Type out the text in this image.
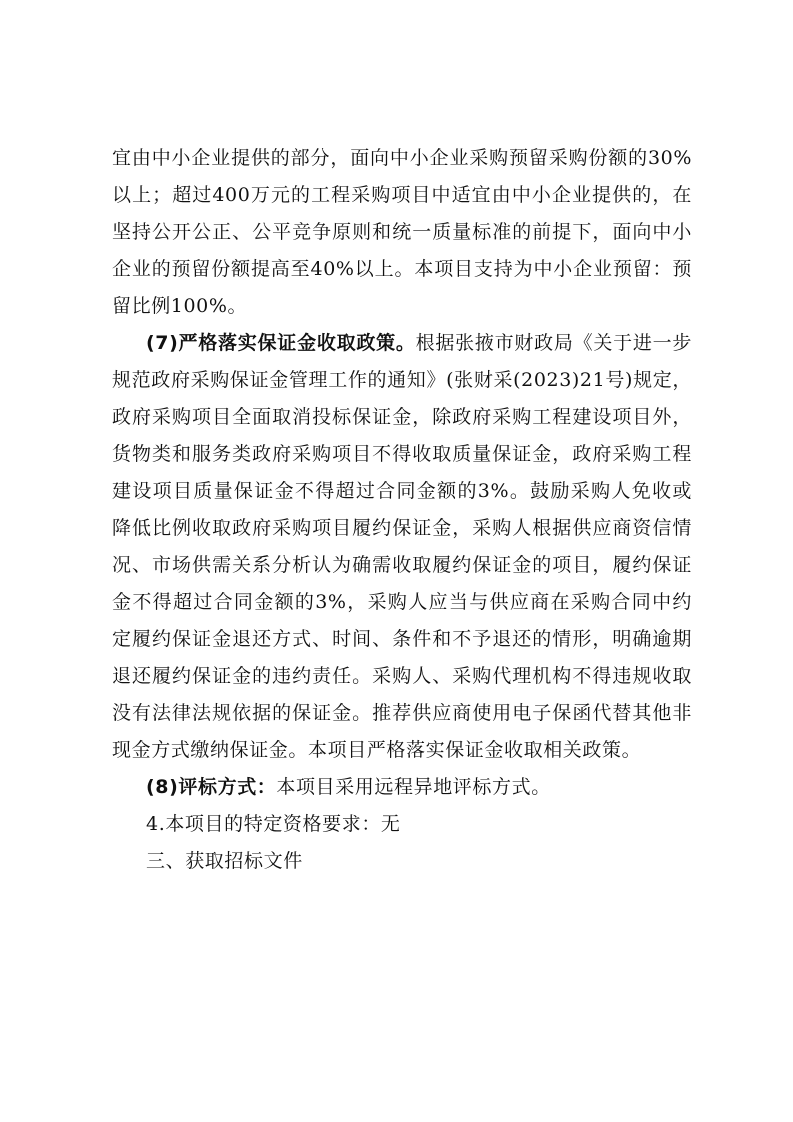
宜由中小企业提供的部分，面向中小企业采购预留采购份额的30%以上；超过400万元的工程采购项目中适宜由中小企业提供的，在坚持公开公正、公平竞争原则和统一质量标准的前提下，面向中小企业的预留份额提高至40%以上。本项目支持为中小企业预留：预留比例100%。

(7)严格落实保证金收取政策。根据张掖市财政局《关于进一步规范政府采购保证金管理工作的通知》(张财采(2023)21号)规定，政府采购项目全面取消投标保证金，除政府采购工程建设项目外，货物类和服务类政府采购项目不得收取质量保证金，政府采购工程建设项目质量保证金不得超过合同金额的3%。鼓励采购人免收或降低比例收取政府采购项目履约保证金，采购人根据供应商资信情况、市场供需关系分析认为确需收取履约保证金的项目，履约保证金不得超过合同金额的3%，采购人应当与供应商在采购合同中约定履约保证金退还方式、时间、条件和不予退还的情形，明确逾期退还履约保证金的违约责任。采购人、采购代理机构不得违规收取没有法律法规依据的保证金。推荐供应商使用电子保函代替其他非现金方式缴纳保证金。本项目严格落实保证金收取相关政策。

(8)评标方式：本项目采用远程异地评标方式。

4.本项目的特定资格要求：无

三、获取招标文件
